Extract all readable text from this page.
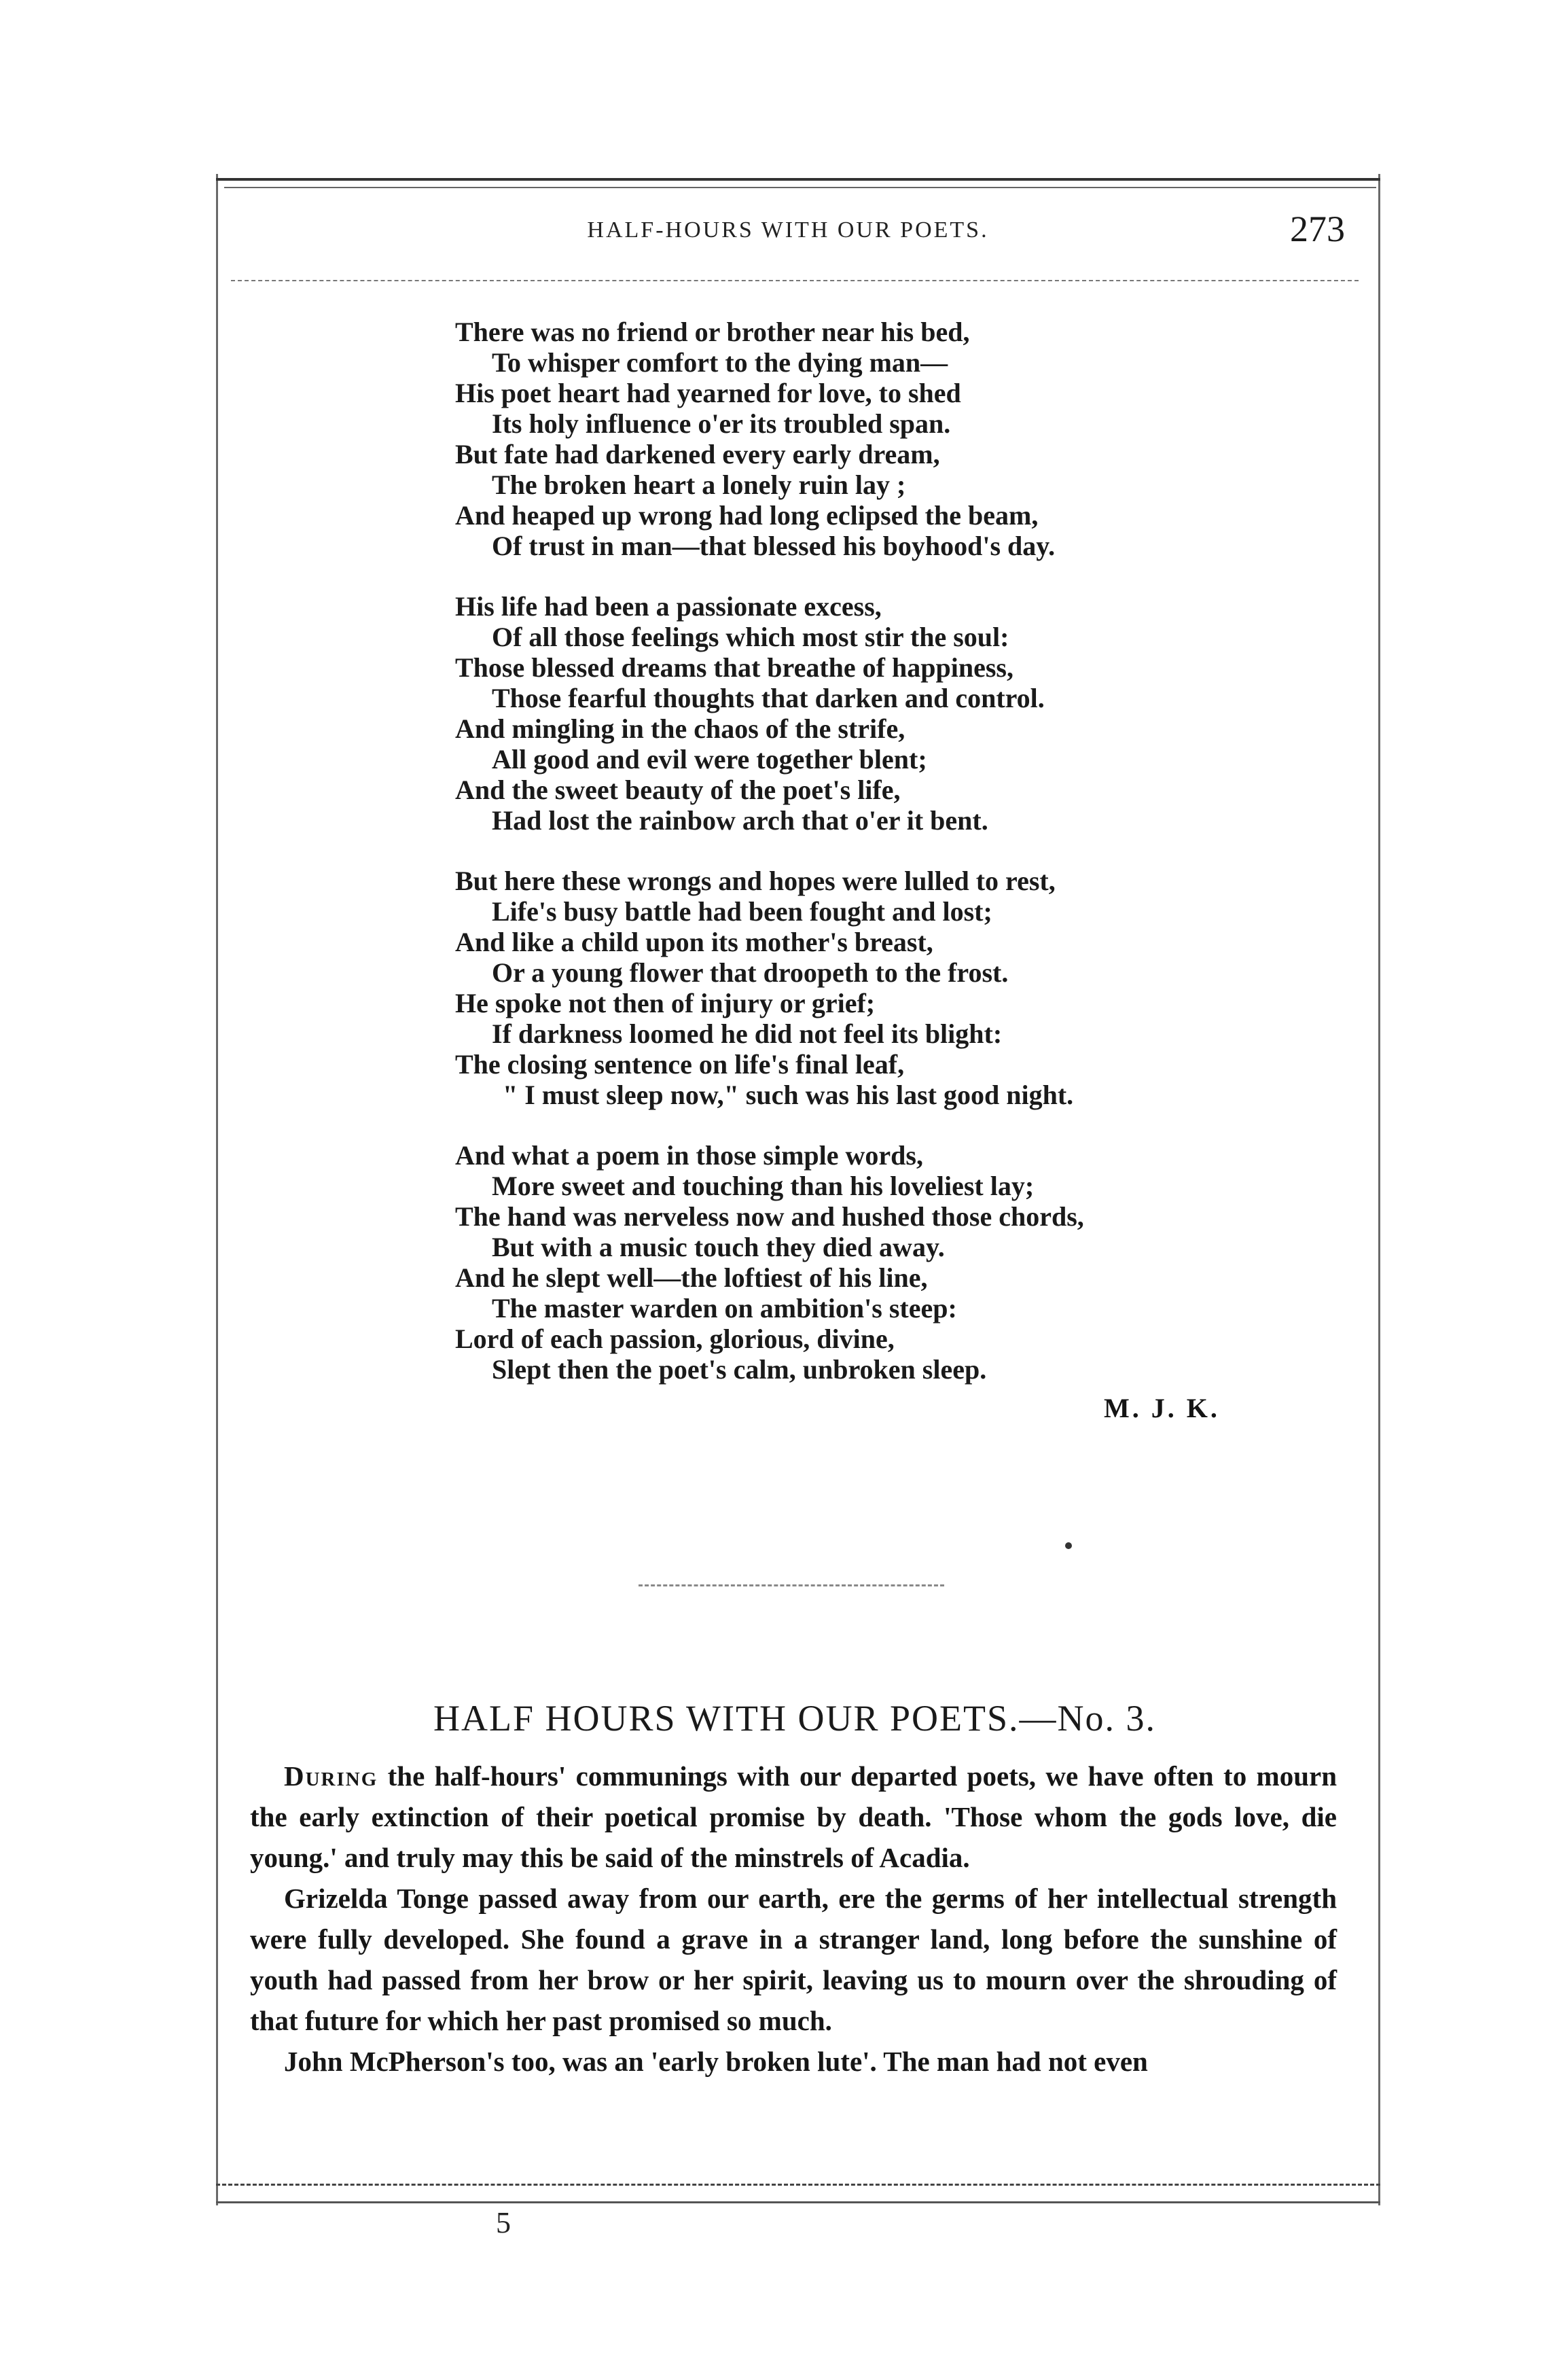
HALF-HOURS WITH OUR POETS.	273
There was no friend or brother near his bed,
To whisper comfort to the dying man—
His poet heart had yearned for love, to shed
Its holy influence o'er its troubled span.
But fate had darkened every early dream,
The broken heart a lonely ruin lay ;
And heaped up wrong had long eclipsed the beam,
Of trust in man—that blessed his boyhood's day.
His life had been a passionate excess,
Of all those feelings which most stir the soul:
Those blessed dreams that breathe of happiness,
Those fearful thoughts that darken and control.
And mingling in the chaos of the strife,
All good and evil were together blent;
And the sweet beauty of the poet's life,
Had lost the rainbow arch that o'er it bent.
But here these wrongs and hopes were lulled to rest,
Life's busy battle had been fought and lost;
And like a child upon its mother's breast,
Or a young flower that droopeth to the frost.
He spoke not then of injury or grief;
If darkness loomed he did not feel its blight:
The closing sentence on life's final leaf,
" I must sleep now," such was his last good night.
And what a poem in those simple words,
More sweet and touching than his loveliest lay;
The hand was nerveless now and hushed those chords,
But with a music touch they died away.
And he slept well—the loftiest of his line,
The master warden on ambition's steep:
Lord of each passion, glorious, divine,
Slept then the poet's calm, unbroken sleep.
M. J. K.
HALF HOURS WITH OUR POETS.—No. 3.

During the half-hours' communings with our departed poets, we have often to mourn the early extinction of their poetical promise by death. 'Those whom the gods love, die young.' and truly may this be said of the minstrels of Acadia.

Grizelda Tonge passed away from our earth, ere the germs of her intellectual strength were fully developed. She found a grave in a stranger land, long before the sunshine of youth had passed from her brow or her spirit, leaving us to mourn over the shrouding of that future for which her past promised so much.

John McPherson's too, was an 'early broken lute'. The man had not even

5
